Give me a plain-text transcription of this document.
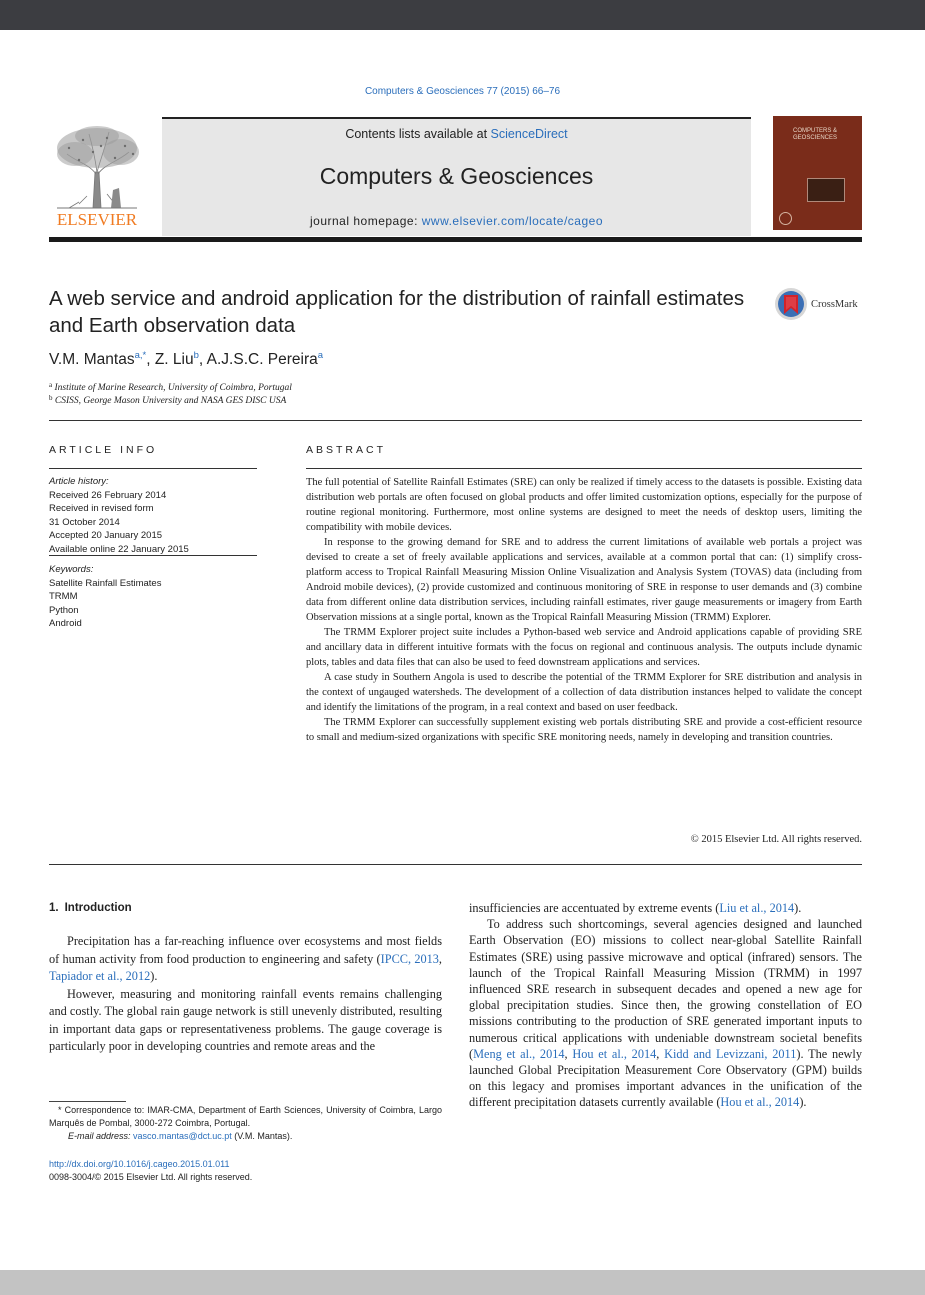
Computers & Geosciences 77 (2015) 66–76
ELSEVIER
Contents lists available at ScienceDirect
Computers & Geosciences
journal homepage: www.elsevier.com/locate/cageo
COMPUTERS & GEOSCIENCES
A web service and android application for the distribution of rainfall estimates and Earth observation data
CrossMark
V.M. Mantas$^{a,*}$, Z. Liu$^b$, A.J.S.C. Pereira$^a$
$^a$ Institute of Marine Research, University of Coimbra, Portugal
$^b$ CSISS, George Mason University and NASA GES DISC USA
ARTICLE INFO
Article history:
Received 26 February 2014
Received in revised form
31 October 2014
Accepted 20 January 2015
Available online 22 January 2015
Keywords:
Satellite Rainfall Estimates
TRMM
Python
Android
ABSTRACT

The full potential of Satellite Rainfall Estimates (SRE) can only be realized if timely access to the datasets is possible. Existing data distribution web portals are often focused on global products and offer limited customization options, especially for the purpose of routine regional monitoring. Furthermore, most online systems are designed to meet the needs of desktop users, limiting the compatibility with mobile devices.

In response to the growing demand for SRE and to address the current limitations of available web portals a project was devised to create a set of freely available applications and services, available at a common portal that can: (1) simplify cross-platform access to Tropical Rainfall Measuring Mission Online Visualization and Analysis System (TOVAS) data (including from Android mobile devices), (2) provide customized and continuous monitoring of SRE in response to user demands and (3) combine data from different online data distribution services, including rainfall estimates, river gauge measurements or imagery from Earth Observation missions at a single portal, known as the Tropical Rainfall Measuring Mission (TRMM) Explorer.

The TRMM Explorer project suite includes a Python-based web service and Android applications capable of providing SRE and ancillary data in different intuitive formats with the focus on regional and continuous analysis. The outputs include dynamic plots, tables and data files that can also be used to feed downstream applications and services.

A case study in Southern Angola is used to describe the potential of the TRMM Explorer for SRE distribution and analysis in the context of ungauged watersheds. The development of a collection of data distribution instances helped to validate the concept and identify the limitations of the program, in a real context and based on user feedback.

The TRMM Explorer can successfully supplement existing web portals distributing SRE and provide a cost-efficient resource to small and medium-sized organizations with specific SRE monitoring needs, namely in developing and transition countries.

© 2015 Elsevier Ltd. All rights reserved.
1. Introduction

Precipitation has a far-reaching influence over ecosystems and most fields of human activity from food production to engineering and safety (IPCC, 2013, Tapiador et al., 2012).

However, measuring and monitoring rainfall events remains challenging and costly. The global rain gauge network is still unevenly distributed, resulting in important data gaps or representativeness problems. The gauge coverage is particularly poor in developing countries and remote areas and the

insufficiencies are accentuated by extreme events (Liu et al., 2014).

To address such shortcomings, several agencies designed and launched Earth Observation (EO) missions to collect near-global Satellite Rainfall Estimates (SRE) using passive microwave and optical (infrared) sensors. The launch of the Tropical Rainfall Measuring Mission (TRMM) in 1997 influenced SRE research in subsequent decades and opened a new age for global precipitation studies. Since then, the growing constellation of EO missions contributing to the production of SRE generated important inputs to numerous critical applications with undeniable downstream societal benefits (Meng et al., 2014, Hou et al., 2014, Kidd and Levizzani, 2011). The newly launched Global Precipitation Measurement Core Observatory (GPM) builds on this legacy and promises important advances in the unification of the different precipitation datasets currently available (Hou et al., 2014).

* Correspondence to: IMAR-CMA, Department of Earth Sciences, University of Coimbra, Largo Marquês de Pombal, 3000-272 Coimbra, Portugal.
E-mail address: vasco.mantas@dct.uc.pt (V.M. Mantas).
http://dx.doi.org/10.1016/j.cageo.2015.01.011
0098-3004/© 2015 Elsevier Ltd. All rights reserved.
